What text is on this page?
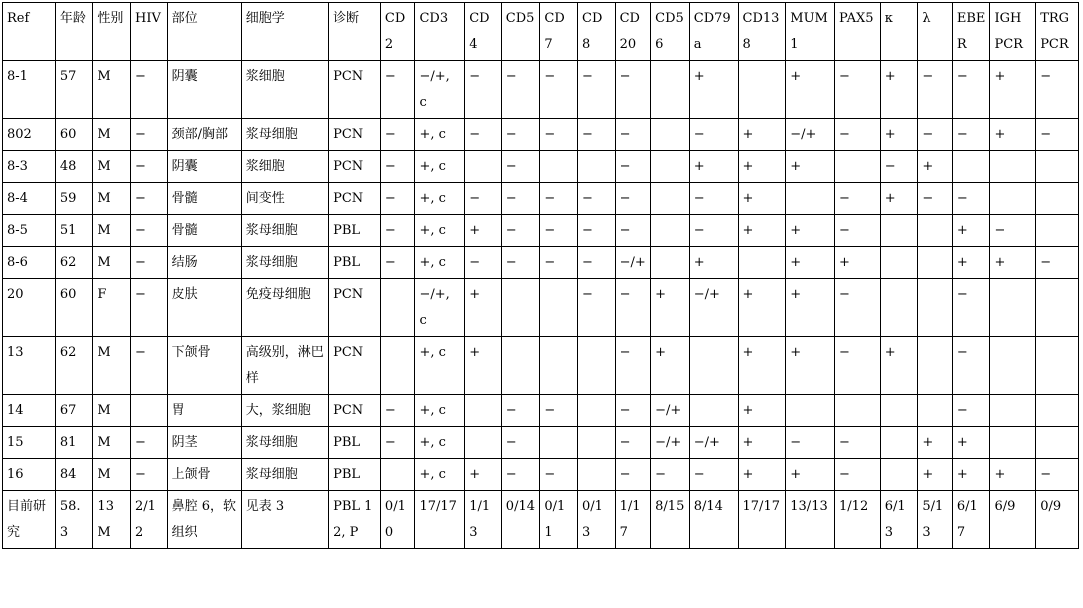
Ref	年龄	性别	HIV	部位	细胞学	诊断	CD2	CD3	CD4	CD5	CD7	CD8	CD20	CD56	CD79a	CD138	MUM1	PAX5	κ	λ	EBER	IGH PCR	TRG PCR
8-1	57	M	−	阴囊	浆细胞	PCN	−	−/+, c	−	−	−	−	−		+		+	−	+	−	−	+	−
802	60	M	−	颈部/胸部	浆母细胞	PCN	−	+, c	−	−	−	−	−		−	+	−/+	−	+	−	−	+	−
8-3	48	M	−	阴囊	浆细胞	PCN	−	+, c		−			−		+	+	+		−	+			
8-4	59	M	−	骨髓	间变性	PCN	−	+, c	−	−	−	−	−		−	+		−	+	−	−		
8-5	51	M	−	骨髓	浆母细胞	PBL	−	+, c	+	−	−	−	−		−	+	+	−			+	−	
8-6	62	M	−	结肠	浆母细胞	PBL	−	+, c	−	−	−	−	−/+		+		+	+			+	+	−
20	60	F	−	皮肤	免疫母细胞	PCN		−/+, c	+			−	−	+	−/+	+	+	−			−		
13	62	M	−	下颌骨	高级别，淋巴样	PCN		+, c	+				−	+		+	+	−	+		−		
14	67	M		胃	大，浆细胞	PCN	−	+, c		−	−		−	−/+		+					−		
15	81	M	−	阴茎	浆母细胞	PBL	−	+, c		−			−	−/+	−/+	+	−	−		+	+		
16	84	M	−	上颌骨	浆母细胞	PBL		+, c	+	−	−		−	−	−	+	+	−		+	+	+	−
目前研究	58.3	13M	2/12	鼻腔 6，软组织	见表 3	PBL 12, P	0/10	17/17	1/13	0/14	0/11	0/13	1/17	8/15	8/14	17/17	13/13	1/12	6/13	5/13	6/17	6/9	0/9
